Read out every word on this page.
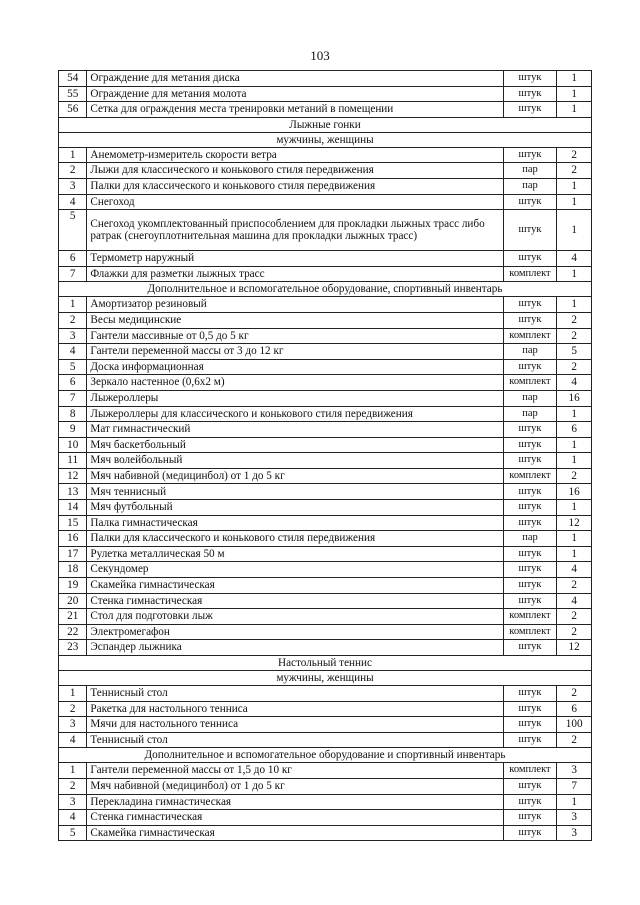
103
54	Ограждение для метания диска	штук	1
55	Ограждение для метания молота	штук	1
56	Сетка для ограждения места тренировки метаний в помещении	штук	1
Лыжные гонки			
мужчины, женщины			
1	Анемометр-измеритель скорости ветра	штук	2
2	Лыжи для классического и конькового стиля передвижения	пар	2
3	Палки для классического и конькового стиля передвижения	пар	1
4	Снегоход	штук	1
5	Снегоход укомплектованный приспособлением для прокладки лыжных трасс либо ратрак (снегоуплотнительная машина для прокладки лыжных трасс)	штук	1
6	Термометр наружный	штук	4
7	Флажки для разметки лыжных трасс	комплект	1
Дополнительное и вспомогательное оборудование, спортивный инвентарь			
1	Амортизатор резиновый	штук	1
2	Весы медицинские	штук	2
3	Гантели массивные от 0,5 до 5 кг	комплект	2
4	Гантели переменной массы от 3 до 12 кг	пар	5
5	Доска информационная	штук	2
6	Зеркало настенное (0,6х2 м)	комплект	4
7	Лыжероллеры	пар	16
8	Лыжероллеры для классического и конькового стиля передвижения	пар	1
9	Мат гимнастический	штук	6
10	Мяч баскетбольный	штук	1
11	Мяч волейбольный	штук	1
12	Мяч набивной (медицинбол) от 1 до 5 кг	комплект	2
13	Мяч теннисный	штук	16
14	Мяч футбольный	штук	1
15	Палка гимнастическая	штук	12
16	Палки для классического и конькового стиля передвижения	пар	1
17	Рулетка металлическая 50 м	штук	1
18	Секундомер	штук	4
19	Скамейка гимнастическая	штук	2
20	Стенка гимнастическая	штук	4
21	Стол для подготовки лыж	комплект	2
22	Электромегафон	комплект	2
23	Эспандер лыжника	штук	12
Настольный теннис			
мужчины, женщины			
1	Теннисный стол	штук	2
2	Ракетка для настольного тенниса	штук	6
3	Мячи для настольного тенниса	штук	100
4	Теннисный стол	штук	2
Дополнительное и вспомогательное оборудование и спортивный инвентарь			
1	Гантели переменной массы от 1,5 до 10 кг	комплект	3
2	Мяч набивной (медицинбол) от 1 до 5 кг	штук	7
3	Перекладина гимнастическая	штук	1
4	Стенка гимнастическая	штук	3
5	Скамейка гимнастическая	штук	3
